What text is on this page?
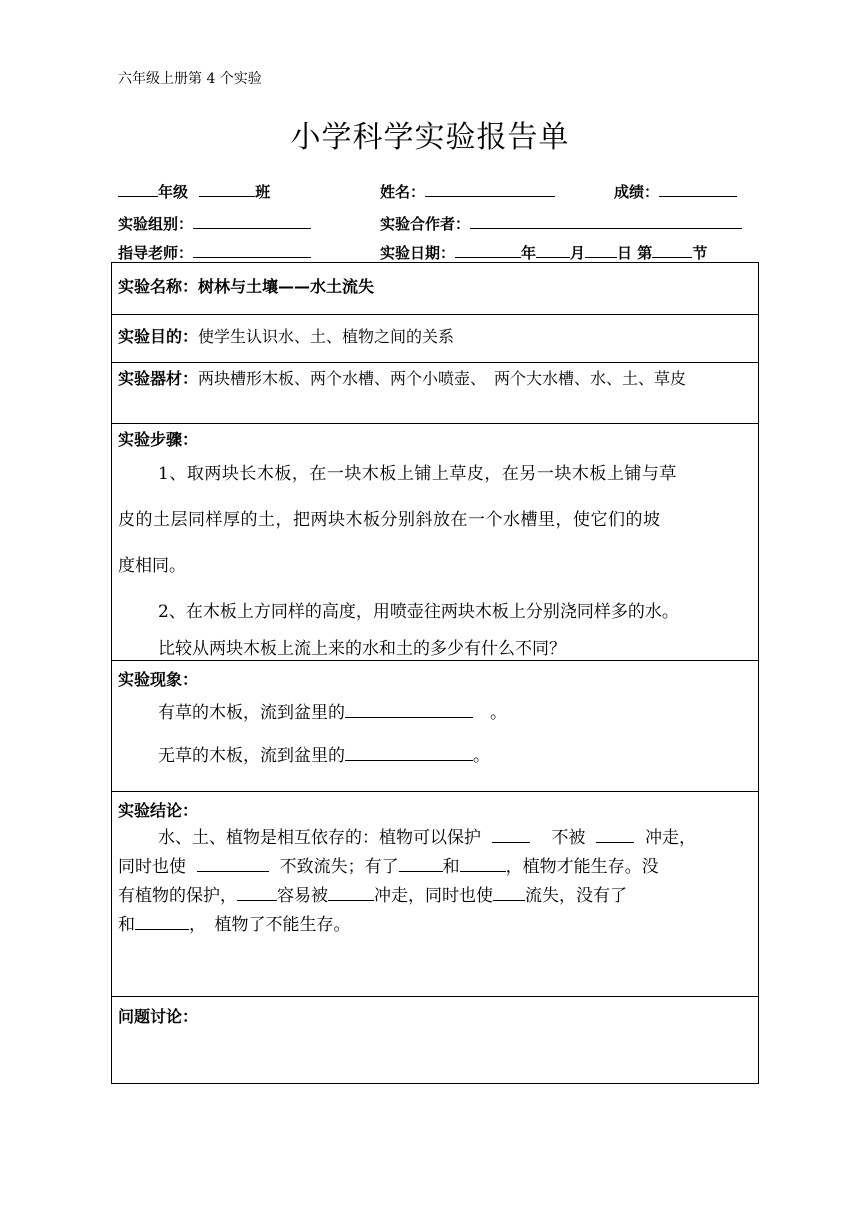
六年级上册第 4 个实验
小学科学实验报告单
年级	班	姓名：	成绩：
实验组别：	实验合作者：
指导老师：	实验日期：	年 月 日 第	节
实验名称：树林与土壤——水土流失
实验目的：使学生认识水、土、植物之间的关系
实验器材：两块槽形木板、两个水槽、两个小喷壶、　两个大水槽、水、土、草皮

实验步骤：
1、取两块长木板，在一块木板上铺上草皮，在另一块木板上铺与草
皮的土层同样厚的土，把两块木板分别斜放在一个水槽里，使它们的坡
度相同。
2、在木板上方同样的高度，用喷壶往两块木板上分别浇同样多的水。
比较从两块木板上流上来的水和土的多少有什么不同？

实验现象：
有草的木板，流到盆里的　	。
无草的木板，流到盆里的	。

实验结论：
水、土、植物是相互依存的：植物可以保护	不被	冲走，
同时也使	不致流失；有了	和	，植物才能生存。没
有植物的保护， 容易被	冲走，同时也使 流失，没有了
和	，　植物了不能生存。

问题讨论：
